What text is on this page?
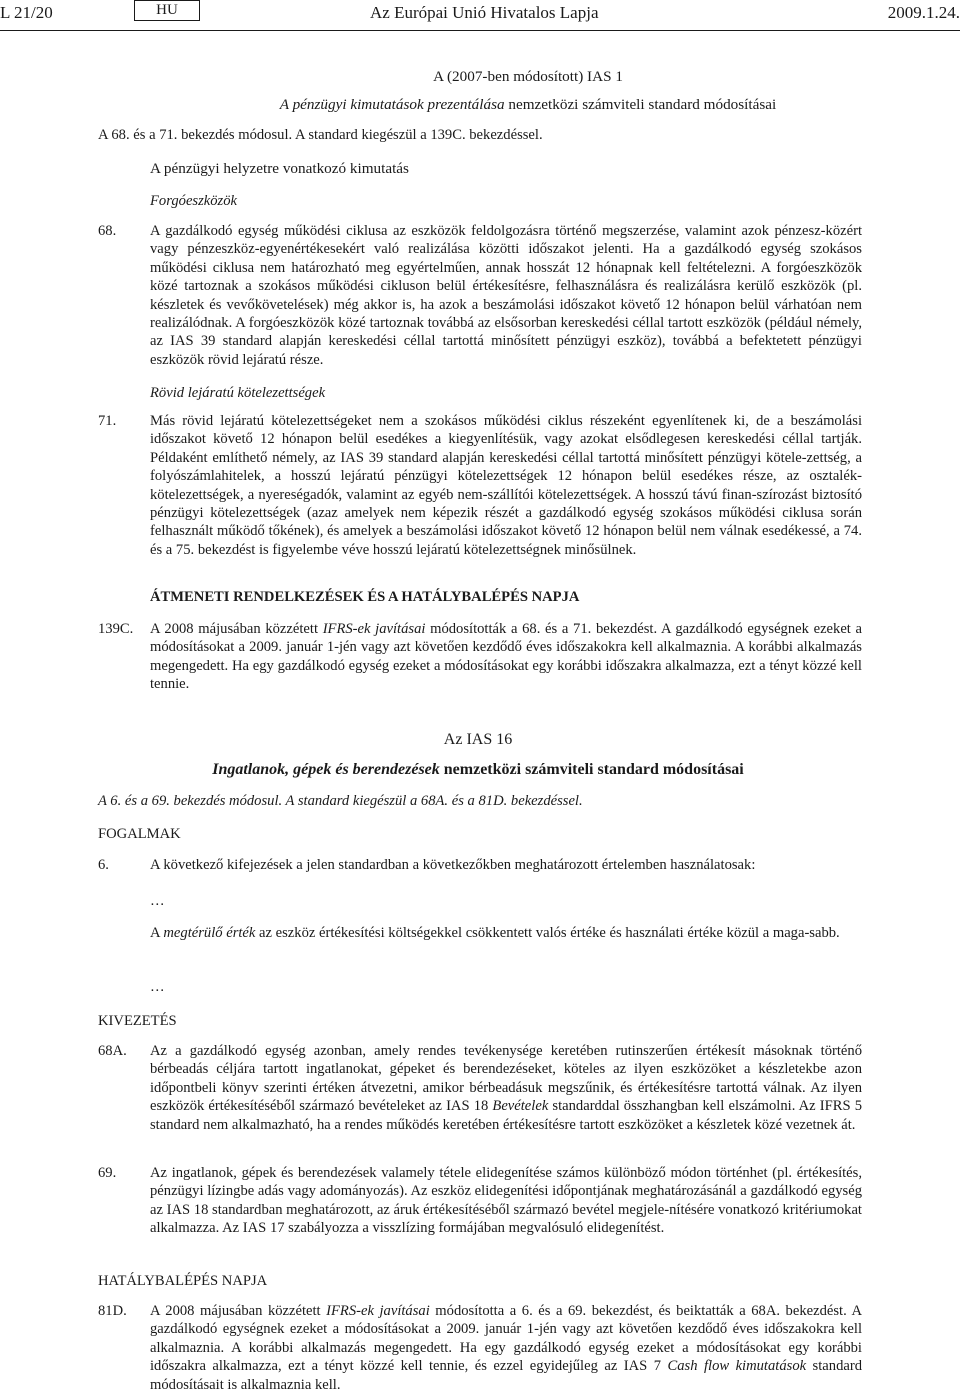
L 21/20	HU	Az Európai Unió Hivatalos Lapja	2009.1.24.
A (2007-ben módosított) IAS 1
A pénzügyi kimutatások prezentálása nemzetközi számviteli standard módosításai
A 68. és a 71. bekezdés módosul. A standard kiegészül a 139C. bekezdéssel.
A pénzügyi helyzetre vonatkozó kimutatás
Forgóeszközök
68. A gazdálkodó egység működési ciklusa az eszközök feldolgozásra történő megszerzése, valamint azok pénzesz-közért vagy pénzeszköz-egyenértékesekért való realizálása közötti időszakot jelenti. Ha a gazdálkodó egység szokásos működési ciklusa nem határozható meg egyértelműen, annak hosszát 12 hónapnak kell feltételezni. A forgóeszközök közé tartoznak a szokásos működési cikluson belül értékesítésre, felhasználásra és realizálásra kerülő eszközök (pl. készletek és vevőkövetelések) még akkor is, ha azok a beszámolási időszakot követő 12 hónapon belül várhatóan nem realizálódnak. A forgóeszközök közé tartoznak továbbá az elsősorban kereskedési céllal tartott eszközök (például némely, az IAS 39 standard alapján kereskedési céllal tartottá minősített pénzügyi eszköz), továbbá a befektetett pénzügyi eszközök rövid lejáratú része.
Rövid lejáratú kötelezettségek
71. Más rövid lejáratú kötelezettségeket nem a szokásos működési ciklus részeként egyenlítenek ki, de a beszámolási időszakot követő 12 hónapon belül esedékes a kiegyenlítésük, vagy azokat elsődlegesen kereskedési céllal tartják. Példaként említhető némely, az IAS 39 standard alapján kereskedési céllal tartottá minősített pénzügyi kötele-zettség, a folyószámlahitelek, a hosszú lejáratú pénzügyi kötelezettségek 12 hónapon belül esedékes része, az osztalék-kötelezettségek, a nyereségadók, valamint az egyéb nem-szállítói kötelezettségek. A hosszú távú finan-szírozást biztosító pénzügyi kötelezettségek (azaz amelyek nem képezik részét a gazdálkodó egység szokásos működési ciklusa során felhasznált működő tőkének), és amelyek a beszámolási időszakot követő 12 hónapon belül nem válnak esedékessé, a 74. és a 75. bekezdést is figyelembe véve hosszú lejáratú kötelezettségnek minősülnek.
ÁTMENETI RENDELKEZÉSEK ÉS A HATÁLYBALÉPÉS NAPJA
139C. A 2008 májusában közzétett IFRS-ek javításai módosították a 68. és a 71. bekezdést. A gazdálkodó egységnek ezeket a módosításokat a 2009. január 1-jén vagy azt követően kezdődő éves időszakokra kell alkalmaznia. A korábbi alkalmazás megengedett. Ha egy gazdálkodó egység ezeket a módosításokat egy korábbi időszakra alkalmazza, ezt a tényt közzé kell tennie.
Az IAS 16
Ingatlanok, gépek és berendezések nemzetközi számviteli standard módosításai
A 6. és a 69. bekezdés módosul. A standard kiegészül a 68A. és a 81D. bekezdéssel.
FOGALMAK
6.	A következő kifejezések a jelen standardban a következőkben meghatározott értelemben használatosak:
…
A megtérülő érték az eszköz értékesítési költségekkel csökkentett valós értéke és használati értéke közül a maga-sabb.
…
KIVEZETÉS
68A. Az a gazdálkodó egység azonban, amely rendes tevékenysége keretében rutinszerűen értékesít másoknak történő bérbeadás céljára tartott ingatlanokat, gépeket és berendezéseket, köteles az ilyen eszközöket a készletekbe azon időpontbeli könyv szerinti értéken átvezetni, amikor bérbeadásuk megszűnik, és értékesítésre tartottá válnak. Az ilyen eszközök értékesítéséből származó bevételeket az IAS 18 Bevételek standarddal összhangban kell elszámolni. Az IFRS 5 standard nem alkalmazható, ha a rendes működés keretében értékesítésre tartott eszközöket a készletek közé vezetnek át.
69. Az ingatlanok, gépek és berendezések valamely tétele elidegenítése számos különböző módon történhet (pl. értékesítés, pénzügyi lízingbe adás vagy adományozás). Az eszköz elidegenítési időpontjának meghatározásánál a gazdálkodó egység az IAS 18 standardban meghatározott, az áruk értékesítéséből származó bevétel megjele-nítésére vonatkozó kritériumokat alkalmazza. Az IAS 17 szabályozza a visszlízing formájában megvalósuló elidegenítést.
HATÁLYBALÉPÉS NAPJA
81D. A 2008 májusában közzétett IFRS-ek javításai módosította a 6. és a 69. bekezdést, és beiktatták a 68A. bekezdést. A gazdálkodó egységnek ezeket a módosításokat a 2009. január 1-jén vagy azt követően kezdődő éves időszakokra kell alkalmaznia. A korábbi alkalmazás megengedett. Ha egy gazdálkodó egység ezeket a módosításokat egy korábbi időszakra alkalmazza, ezt a tényt közzé kell tennie, és ezzel egyidejűleg az IAS 7 Cash flow kimutatások standard módosításait is alkalmaznia kell.
